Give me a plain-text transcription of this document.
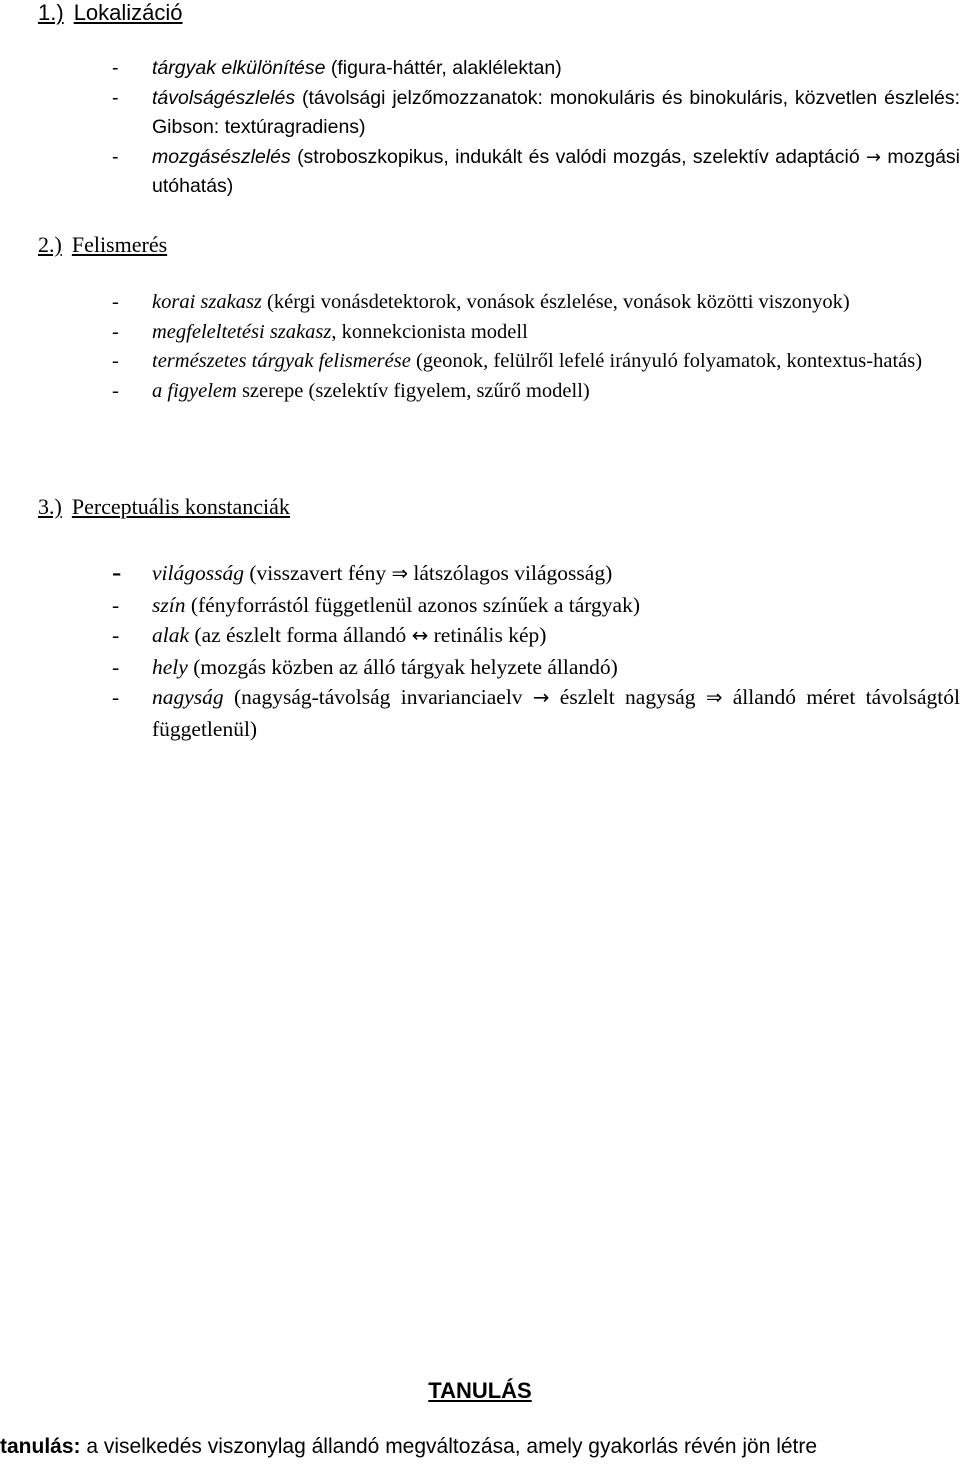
1.) Lokalizáció
- tárgyak elkülönítése (figura-háttér, alaklélektan)
- távolságészlelés (távolsági jelzőmozzanatok: monokuláris és binokuláris, közvetlen észlelés: Gibson: textúragradiens)
- mozgásészlelés (stroboszkopikus, indukált és valódi mozgás, szelektív adaptáció → mozgási utóhatás)
2.) Felismerés
- korai szakasz (kérgi vonásdetektorok, vonások észlelése, vonások közötti viszonyok)
- megfeleltetési szakasz, konnekcionista modell
- természetes tárgyak felismerése (geonok, felülről lefelé irányuló folyamatok, kontextus-hatás)
- a figyelem szerepe (szelektív figyelem, szűrő modell)
3.) Perceptuális konstanciák
- világosság (visszavert fény ⇒ látszólagos világosság)
- szín (fényforrástól függetlenül azonos színűek a tárgyak)
- alak (az észlelt forma állandó ↔ retinális kép)
- hely (mozgás közben az álló tárgyak helyzete állandó)
- nagyság (nagyság-távolság invarianciaelv → észlelt nagyság ⇒ állandó méret távolságtól függetlenül)
TANULÁS
tanulás: a viselkedés viszonylag állandó megváltozása, amely gyakorlás révén jön létre
